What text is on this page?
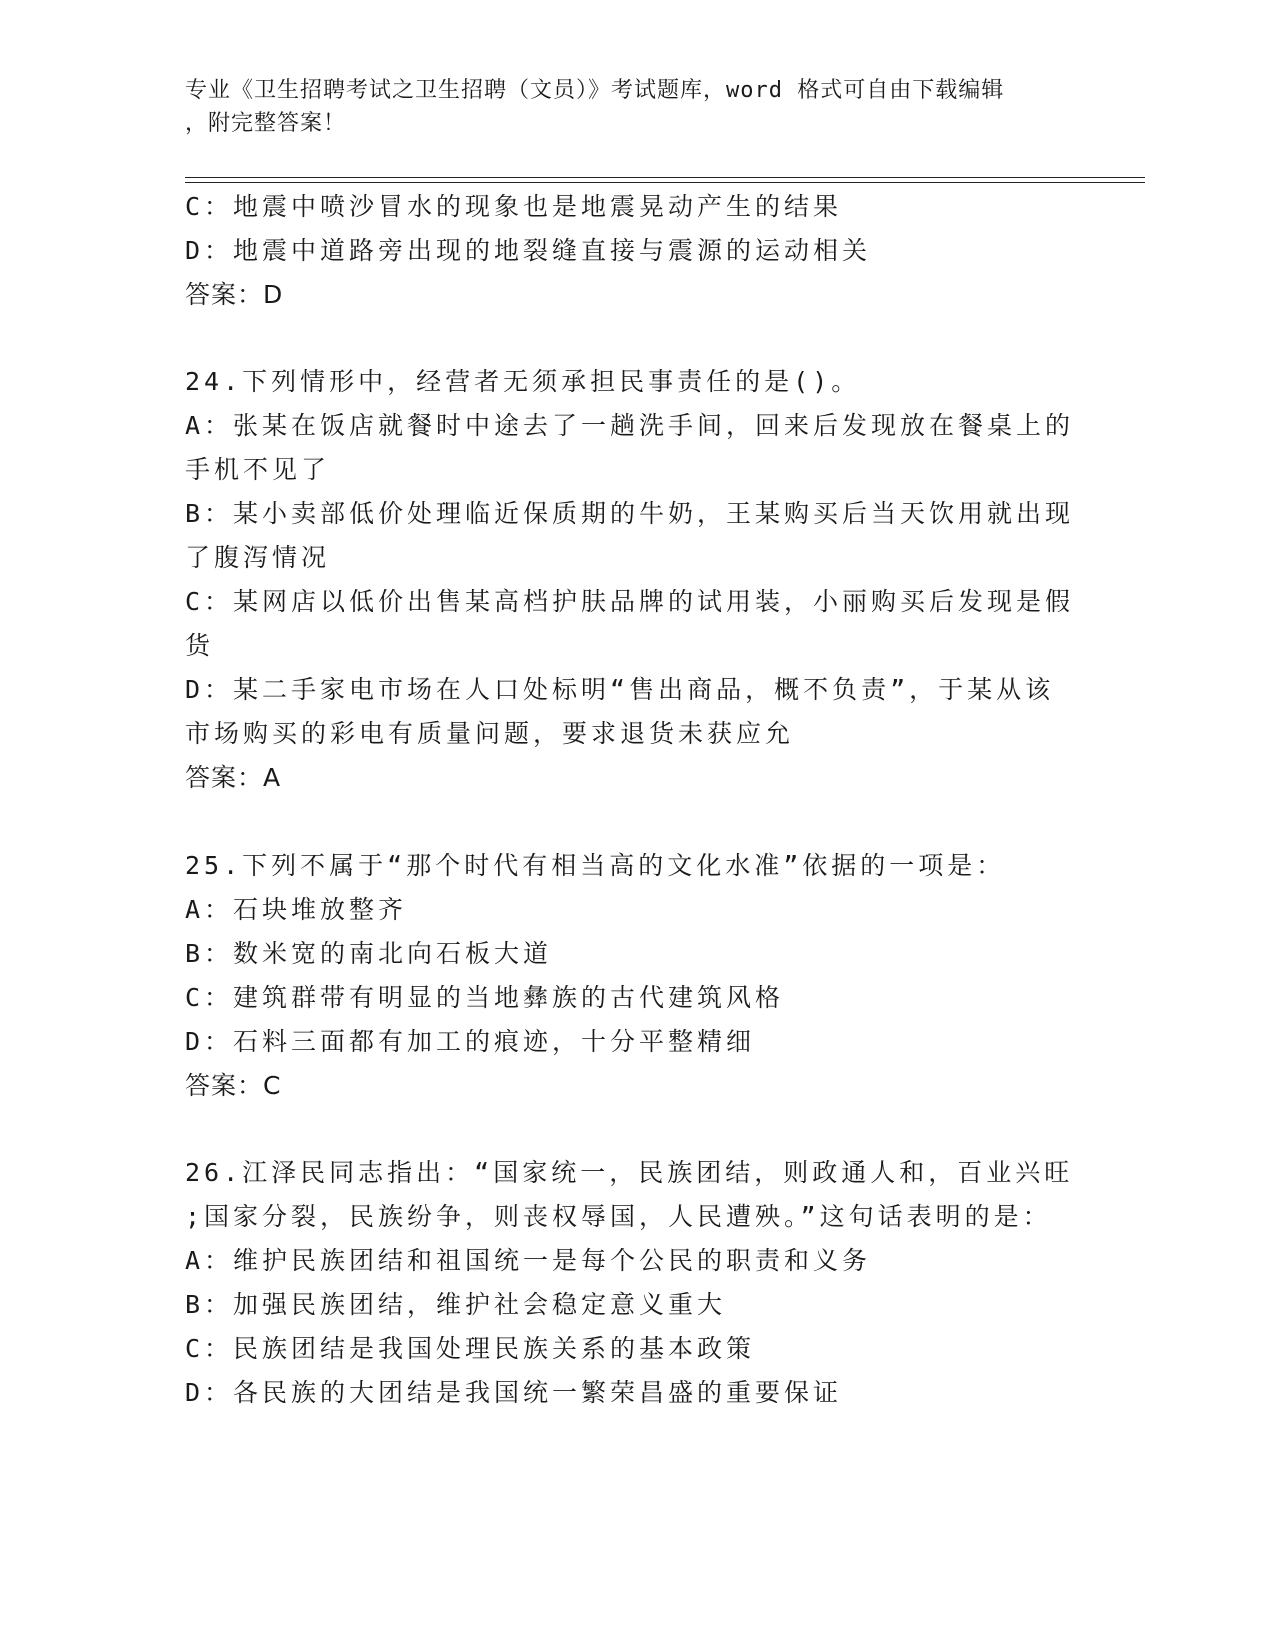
专业《卫生招聘考试之卫生招聘（文员）》考试题库，word 格式可自由下载编辑
，附完整答案！
C：地震中喷沙冒水的现象也是地震晃动产生的结果
D：地震中道路旁出现的地裂缝直接与震源的运动相关
答案：D
24.下列情形中，经营者无须承担民事责任的是()。
A：张某在饭店就餐时中途去了一趟洗手间，回来后发现放在餐桌上的
手机不见了
B：某小卖部低价处理临近保质期的牛奶，王某购买后当天饮用就出现
了腹泻情况
C：某网店以低价出售某高档护肤品牌的试用装，小丽购买后发现是假
货
D：某二手家电市场在人口处标明“售出商品，概不负责”，于某从该
市场购买的彩电有质量问题，要求退货未获应允
答案：A
25.下列不属于“那个时代有相当高的文化水准”依据的一项是：
A：石块堆放整齐
B：数米宽的南北向石板大道
C：建筑群带有明显的当地彝族的古代建筑风格
D：石料三面都有加工的痕迹，十分平整精细
答案：C
26.江泽民同志指出：“国家统一，民族团结，则政通人和，百业兴旺
;国家分裂，民族纷争，则丧权辱国，人民遭殃。”这句话表明的是：
A：维护民族团结和祖国统一是每个公民的职责和义务
B：加强民族团结，维护社会稳定意义重大
C：民族团结是我国处理民族关系的基本政策
D：各民族的大团结是我国统一繁荣昌盛的重要保证
